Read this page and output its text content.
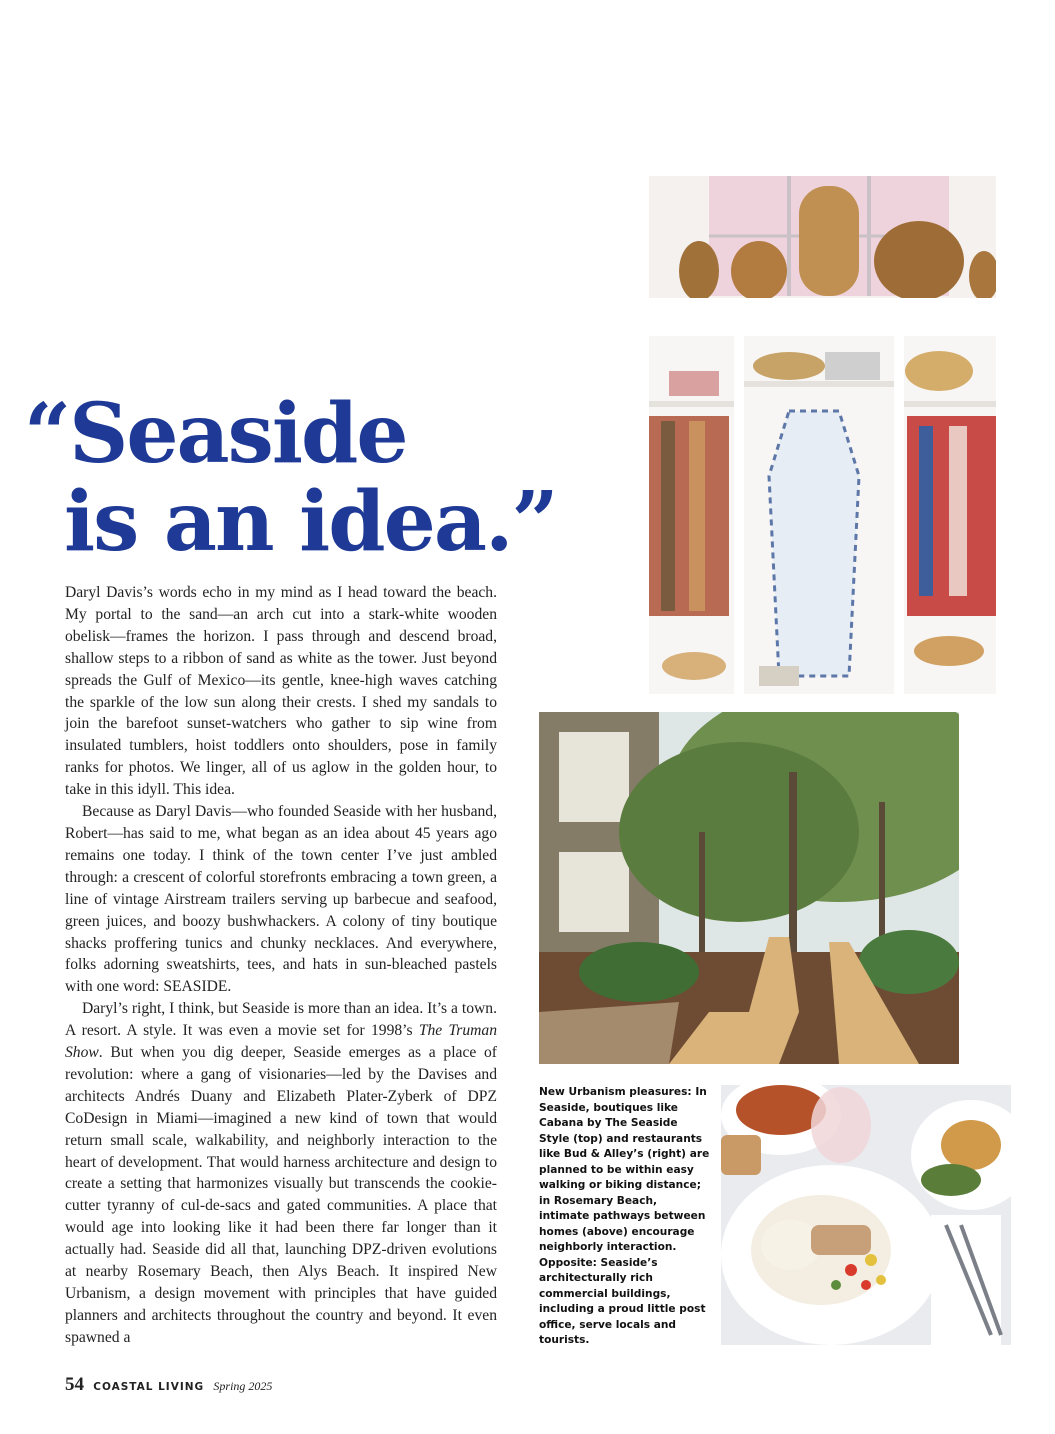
“Seaside
is an idea.”

Daryl Davis’s words echo in my mind as I head toward the beach. My portal to the sand—an arch cut into a stark-white wooden obelisk—frames the horizon. I pass through and descend broad, shallow steps to a ribbon of sand as white as the tower. Just beyond spreads the Gulf of Mexico—its gentle, knee-high waves catching the sparkle of the low sun along their crests. I shed my sandals to join the barefoot sunset-watchers who gather to sip wine from insulated tumblers, hoist toddlers onto shoulders, pose in family ranks for photos. We linger, all of us aglow in the golden hour, to take in this idyll. This idea.

Because as Daryl Davis—who founded Seaside with her husband, Robert—has said to me, what began as an idea about 45 years ago remains one today. I think of the town center I’ve just ambled through: a crescent of colorful storefronts embracing a town green, a line of vintage Airstream trailers serving up barbecue and seafood, green juices, and boozy bushwhackers. A colony of tiny boutique shacks proffering tunics and chunky necklaces. And everywhere, folks adorning sweatshirts, tees, and hats in sun-bleached pastels with one word: SEASIDE.

Daryl’s right, I think, but Seaside is more than an idea. It’s a town. A resort. A style. It was even a movie set for 1998’s The Truman Show. But when you dig deeper, Seaside emerges as a place of revolution: where a gang of visionaries—led by the Davises and architects Andrés Duany and Elizabeth Plater-Zyberk of DPZ CoDesign in Miami—imagined a new kind of town that would return small scale, walkability, and neighborly interaction to the heart of development. That would harness architecture and design to create a setting that harmonizes visually but transcends the cookie-cutter tyranny of cul-de-sacs and gated communities. A place that would age into looking like it had been there far longer than it actually had. Seaside did all that, launching DPZ-driven evolutions at nearby Rosemary Beach, then Alys Beach. It inspired New Urbanism, a design movement with principles that have guided planners and architects throughout the country and beyond. It even spawned a

New Urbanism pleasures: In Seaside, boutiques like Cabana by The Seaside Style (top) and restaurants like Bud & Alley’s (right) are planned to be within easy walking or biking distance; in Rosemary Beach, intimate pathways between homes (above) encourage neighborly interaction. Opposite: Seaside’s architecturally rich commercial buildings, including a proud little post office, serve locals and tourists.
54 COASTAL LIVING Spring 2025
